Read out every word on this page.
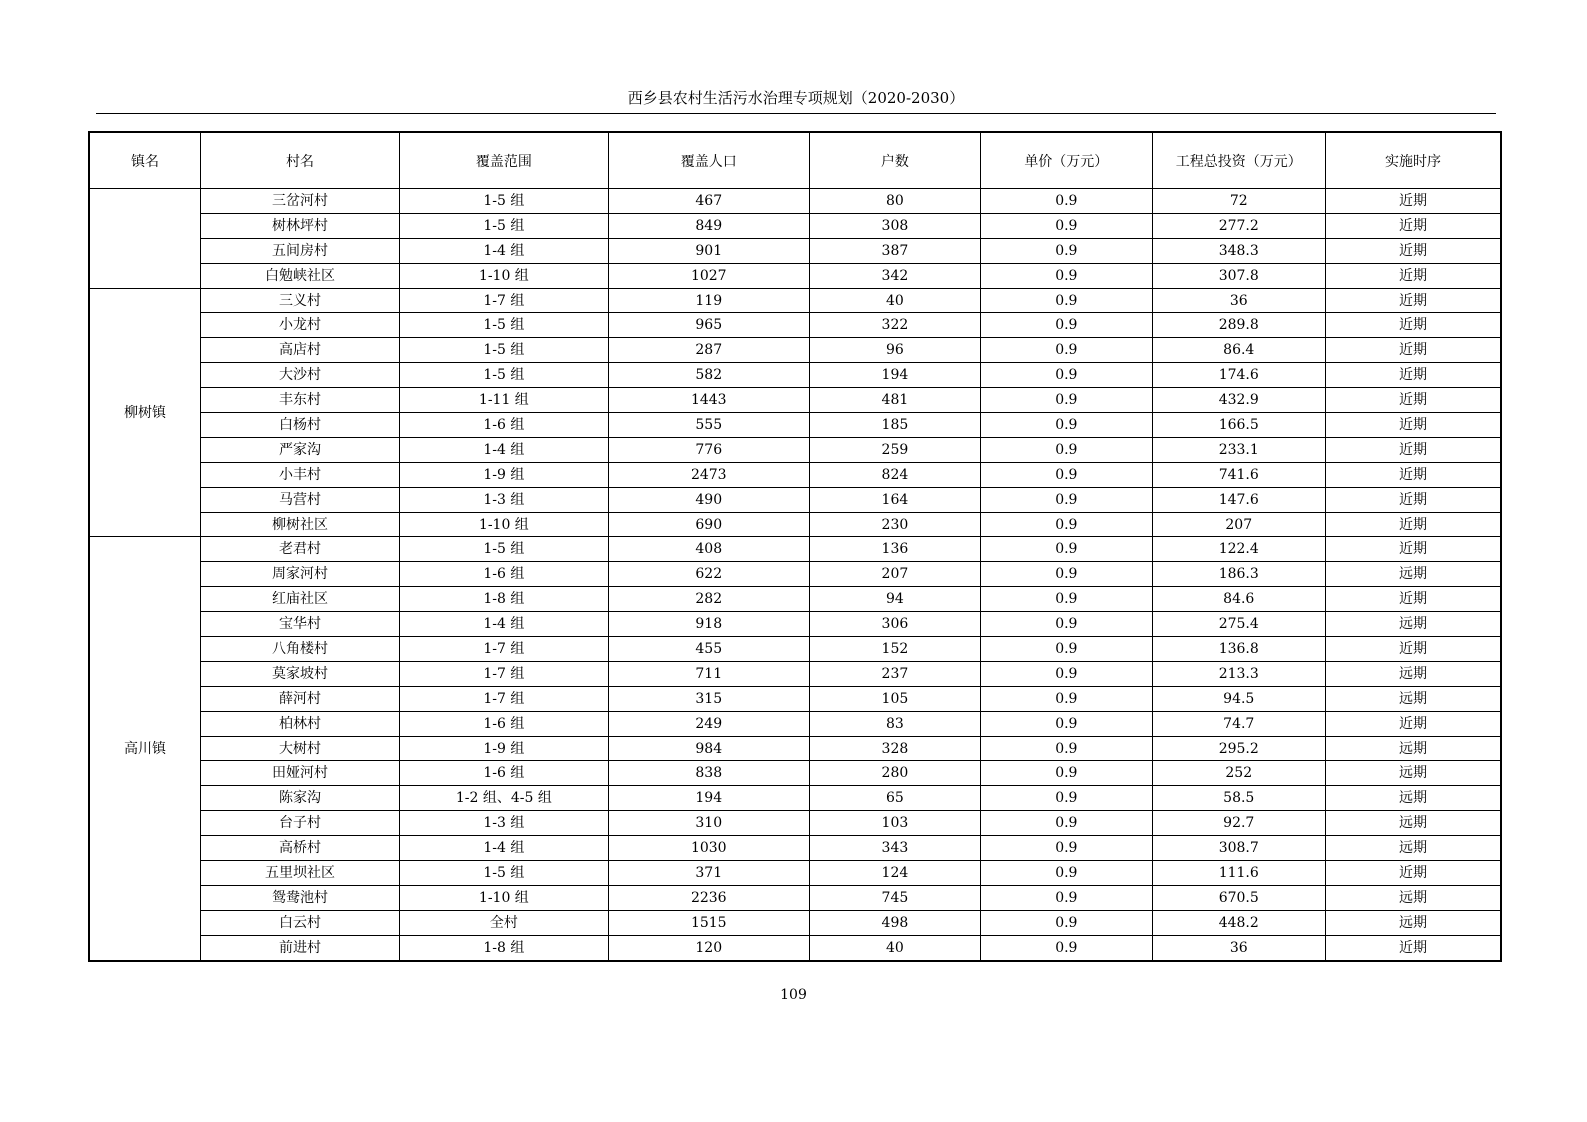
西乡县农村生活污水治理专项规划（2020-2030）
镇名	村名	覆盖范围	覆盖人口	户数	单价（万元）	工程总投资（万元）	实施时序
	三岔河村	1-5 组	467	80	0.9	72	近期
	树林坪村	1-5 组	849	308	0.9	277.2	近期
	五间房村	1-4 组	901	387	0.9	348.3	近期
	白勉峡社区	1-10 组	1027	342	0.9	307.8	近期
柳树镇	三义村	1-7 组	119	40	0.9	36	近期
	小龙村	1-5 组	965	322	0.9	289.8	近期
	高店村	1-5 组	287	96	0.9	86.4	近期
	大沙村	1-5 组	582	194	0.9	174.6	近期
	丰东村	1-11 组	1443	481	0.9	432.9	近期
	白杨村	1-6 组	555	185	0.9	166.5	近期
	严家沟	1-4 组	776	259	0.9	233.1	近期
	小丰村	1-9 组	2473	824	0.9	741.6	近期
	马营村	1-3 组	490	164	0.9	147.6	近期
	柳树社区	1-10 组	690	230	0.9	207	近期
高川镇	老君村	1-5 组	408	136	0.9	122.4	近期
	周家河村	1-6 组	622	207	0.9	186.3	远期
	红庙社区	1-8 组	282	94	0.9	84.6	近期
	宝华村	1-4 组	918	306	0.9	275.4	远期
	八角楼村	1-7 组	455	152	0.9	136.8	近期
	莫家坡村	1-7 组	711	237	0.9	213.3	远期
	薛河村	1-7 组	315	105	0.9	94.5	远期
	柏林村	1-6 组	249	83	0.9	74.7	近期
	大树村	1-9 组	984	328	0.9	295.2	远期
	田娅河村	1-6 组	838	280	0.9	252	远期
	陈家沟	1-2 组、4-5 组	194	65	0.9	58.5	远期
	台子村	1-3 组	310	103	0.9	92.7	远期
	高桥村	1-4 组	1030	343	0.9	308.7	远期
	五里坝社区	1-5 组	371	124	0.9	111.6	近期
	鸳鸯池村	1-10 组	2236	745	0.9	670.5	远期
	白云村	全村	1515	498	0.9	448.2	远期
	前进村	1-8 组	120	40	0.9	36	近期
109
